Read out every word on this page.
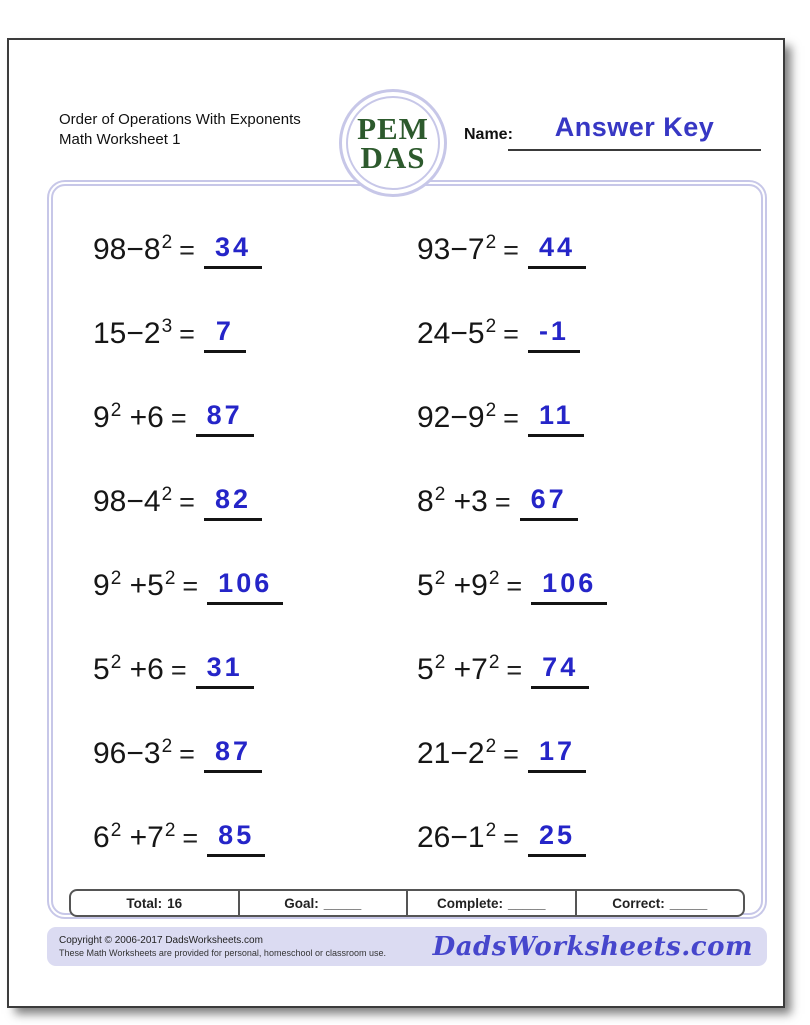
Order of Operations With Exponents
Math Worksheet 1	PEM
DAS
Name:	Answer Key
$98-8^2 = 34$	$93-7^2 = 44$
$15-2^3 = 7$	$24-5^2 = -1$
$9^2 +6 = 87$	$92-9^2 = 11$
$98-4^2 = 82$	$8^2 +3 = 67$
$9^2 +5^2 = 106$	$5^2 +9^2 = 106$
$5^2 +6 = 31$	$5^2 +7^2 = 74$
$96-3^2 = 87$	$21-2^2 = 17$
$6^2 +7^2 = 85$	$26-1^2 = 25$
Total: 16	Goal: _____	Complete: _____	Correct: _____
Copyright © 2006-2017 DadsWorksheets.com
These Math Worksheets are provided for personal, homeschool or classroom use. DadsWorksheets.com
